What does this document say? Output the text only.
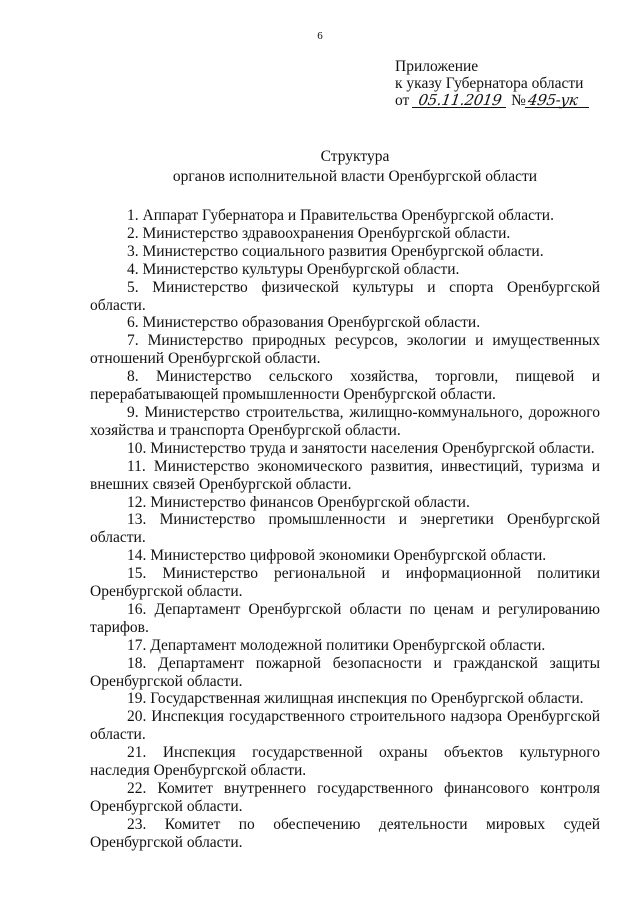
6
Приложение
к указу Губернатора области
от 05.11.2019 №495-ук
Структура
органов исполнительной власти Оренбургской области

1. Аппарат Губернатора и Правительства Оренбургской области.

2. Министерство здравоохранения Оренбургской области.

3. Министерство социального развития Оренбургской области.

4. Министерство культуры Оренбургской области.

5. Министерство физической культуры и спорта Оренбургской области.

6. Министерство образования Оренбургской области.

7. Министерство природных ресурсов, экологии и имущественных отношений Оренбургской области.

8. Министерство сельского хозяйства, торговли, пищевой и перерабатывающей промышленности Оренбургской области.

9. Министерство строительства, жилищно-коммунального, дорожного хозяйства и транспорта Оренбургской области.

10. Министерство труда и занятости населения Оренбургской области.

11. Министерство экономического развития, инвестиций, туризма и внешних связей Оренбургской области.

12. Министерство финансов Оренбургской области.

13. Министерство промышленности и энергетики Оренбургской области.

14. Министерство цифровой экономики Оренбургской области.

15. Министерство региональной и информационной политики Оренбургской области.

16. Департамент Оренбургской области по ценам и регулированию тарифов.

17. Департамент молодежной политики Оренбургской области.

18. Департамент пожарной безопасности и гражданской защиты Оренбургской области.

19. Государственная жилищная инспекция по Оренбургской области.

20. Инспекция государственного строительного надзора Оренбургской области.

21. Инспекция государственной охраны объектов культурного наследия Оренбургской области.

22. Комитет внутреннего государственного финансового контроля Оренбургской области.

23. Комитет по обеспечению деятельности мировых судей Оренбургской области.
